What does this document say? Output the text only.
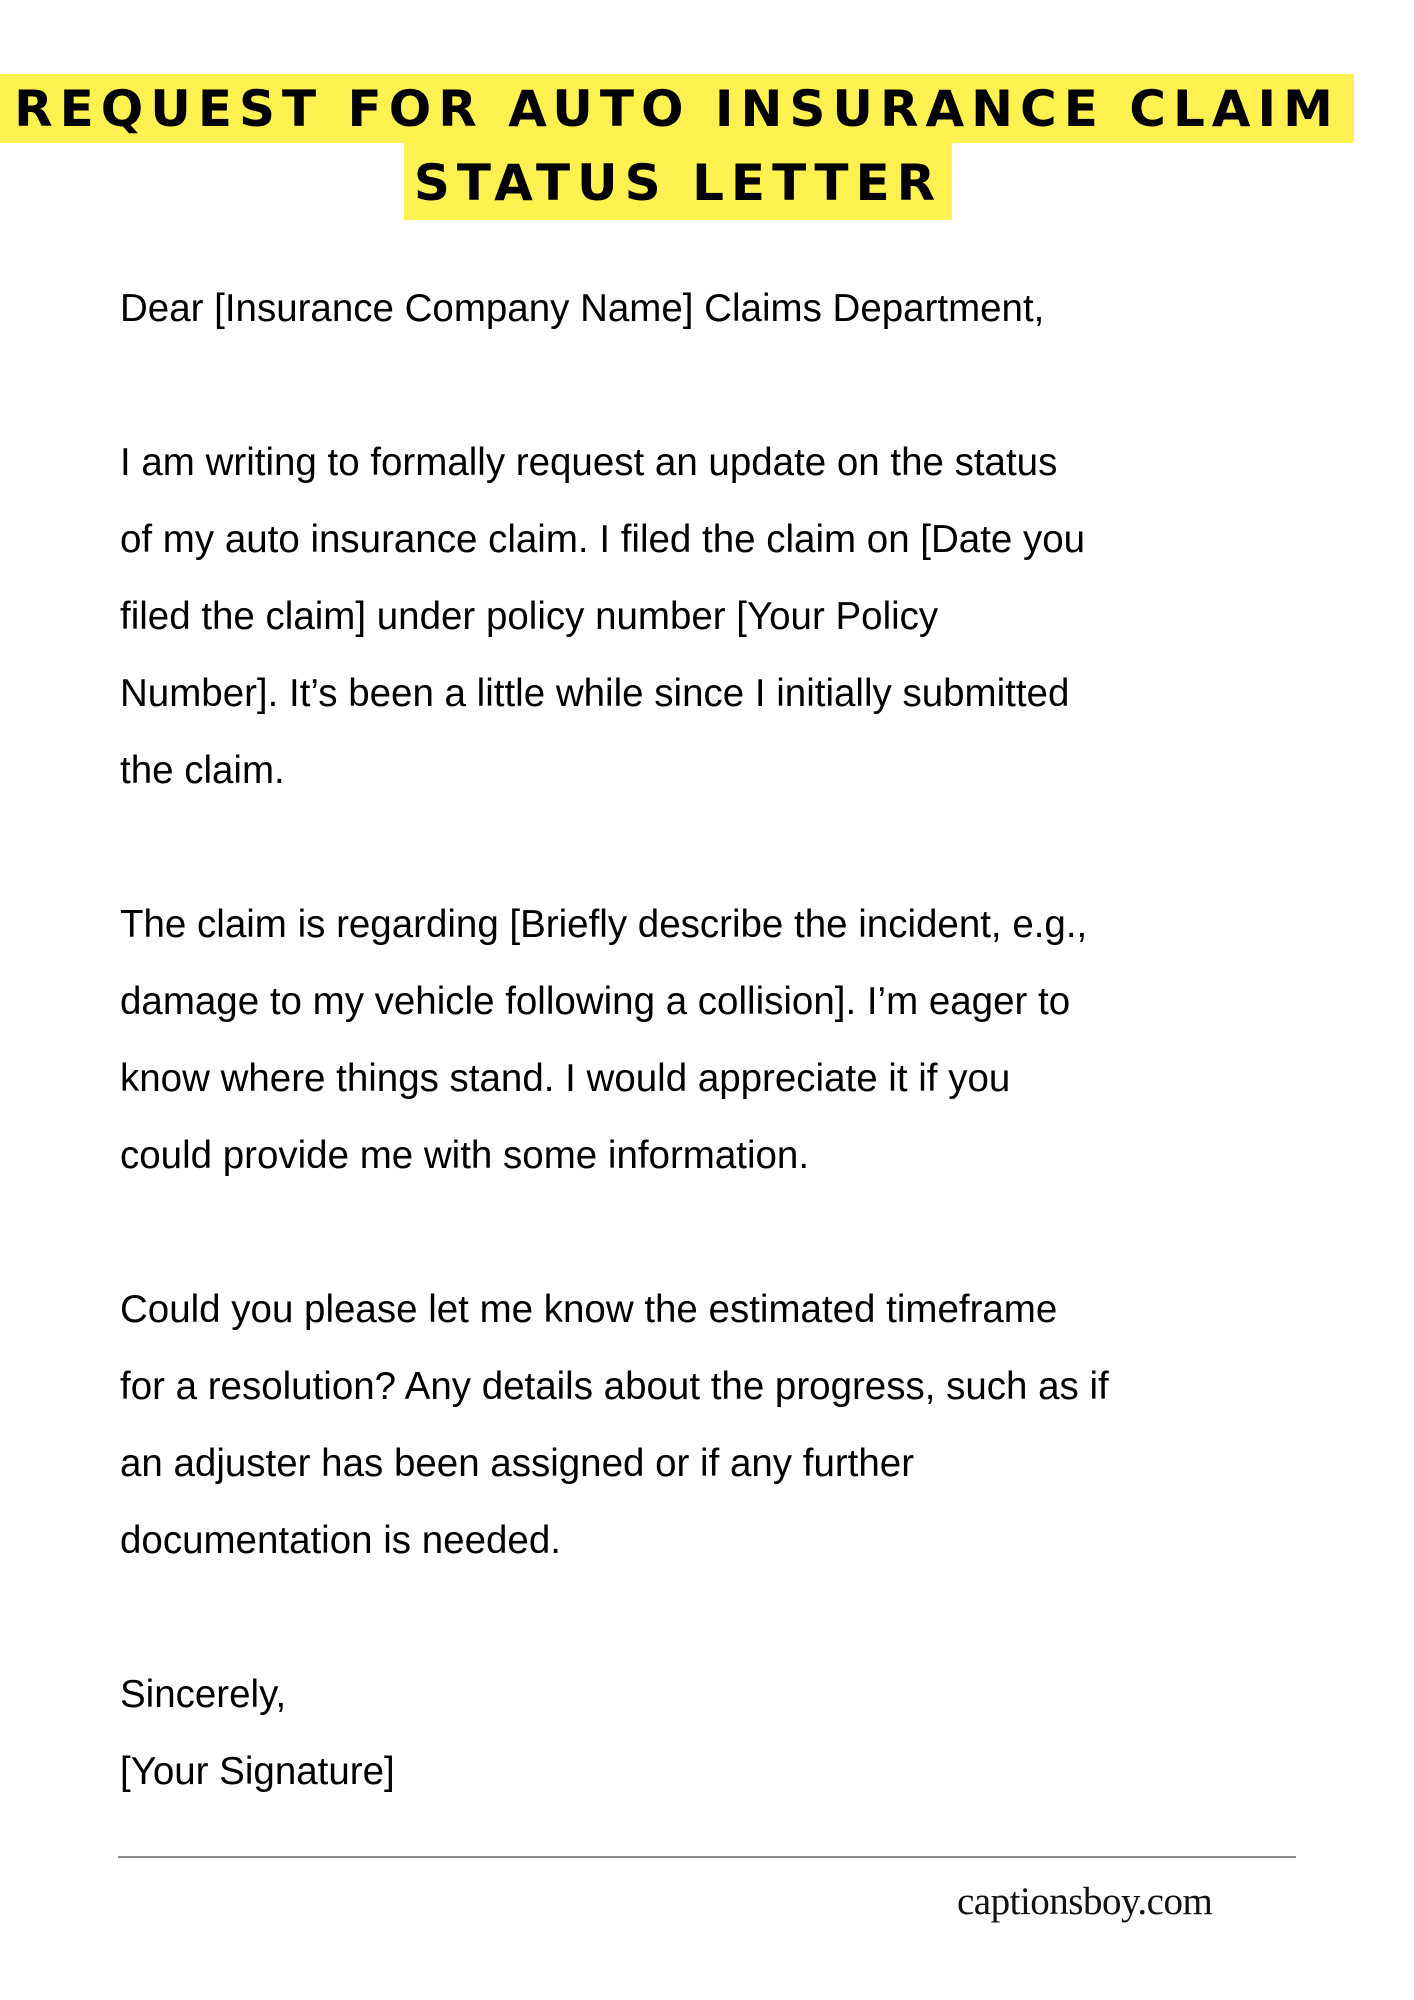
REQUEST FOR AUTO INSURANCE CLAIM
STATUS LETTER

Dear [Insurance Company Name] Claims Department,

I am writing to formally request an update on the status
of my auto insurance claim. I filed the claim on [Date you
filed the claim] under policy number [Your Policy
Number]. It’s been a little while since I initially submitted
the claim.

The claim is regarding [Briefly describe the incident, e.g.,
damage to my vehicle following a collision]. I’m eager to
know where things stand. I would appreciate it if you
could provide me with some information.

Could you please let me know the estimated timeframe
for a resolution? Any details about the progress, such as if
an adjuster has been assigned or if any further
documentation is needed.

Sincerely,
[Your Signature]

captionsboy.com
